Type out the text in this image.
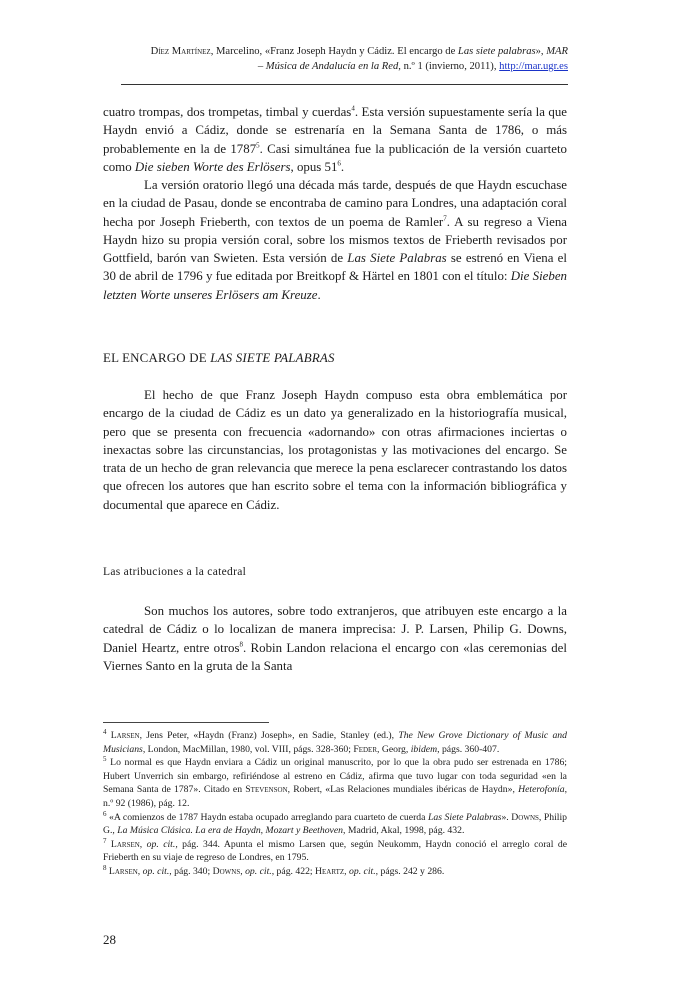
Díez Martínez, Marcelino, «Franz Joseph Haydn y Cádiz. El encargo de Las siete palabras», MAR
– Música de Andalucía en la Red, n.º 1 (invierno, 2011), http://mar.ugr.es

cuatro trompas, dos trompetas, timbal y cuerdas$^4$. Esta versión supuestamente sería la que Haydn envió a Cádiz, donde se estrenaría en la Semana Santa de 1786, o más probablemente en la de 1787$^5$. Casi simultánea fue la publicación de la versión cuarteto como Die sieben Worte des Erlösers, opus $51^6$.

La versión oratorio llegó una década más tarde, después de que Haydn escuchase en la ciudad de Pasau, donde se encontraba de camino para Londres, una adaptación coral hecha por Joseph Frieberth, con textos de un poema de Ramler$^7$. A su regreso a Viena Haydn hizo su propia versión coral, sobre los mismos textos de Frieberth revisados por Gottfield, barón van Swieten. Esta versión de Las Siete Palabras se estrenó en Viena el 30 de abril de 1796 y fue editada por Breitkopf & Härtel en 1801 con el título: Die Sieben letzten Worte unseres Erlösers am Kreuze.

EL ENCARGO DE LAS SIETE PALABRAS

El hecho de que Franz Joseph Haydn compuso esta obra emblemática por encargo de la ciudad de Cádiz es un dato ya generalizado en la historiografía musical, pero que se presenta con frecuencia «adornando» con otras afirmaciones inciertas o inexactas sobre las circunstancias, los protagonistas y las motivaciones del encargo. Se trata de un hecho de gran relevancia que merece la pena esclarecer contrastando los datos que ofrecen los autores que han escrito sobre el tema con la información bibliográfica y documental que aparece en Cádiz.

Las atribuciones a la catedral

Son muchos los autores, sobre todo extranjeros, que atribuyen este encargo a la catedral de Cádiz o lo localizan de manera imprecisa: J. P. Larsen, Philip G. Downs, Daniel Heartz, entre otros$^8$. Robin Landon relaciona el encargo con «las ceremonias del Viernes Santo en la gruta de la Santa

$^4$ Larsen, Jens Peter, «Haydn (Franz) Joseph», en Sadie, Stanley (ed.), The New Grove Dictionary of Music and Musicians, London, MacMillan, 1980, vol. VIII, págs. 328-360; Feder, Georg, ibidem, págs. 360-407.

$^5$ Lo normal es que Haydn enviara a Cádiz un original manuscrito, por lo que la obra pudo ser estrenada en 1786; Hubert Unverrich sin embargo, refiriéndose al estreno en Cádiz, afirma que tuvo lugar con toda seguridad «en la Semana Santa de 1787». Citado en Stevenson, Robert, «Las Relaciones mundiales ibéricas de Haydn», Heterofonía, n.º 92 (1986), pág. 12.

$^6$ «A comienzos de 1787 Haydn estaba ocupado arreglando para cuarteto de cuerda Las Siete Palabras». Downs, Philip G., La Música Clásica. La era de Haydn, Mozart y Beethoven, Madrid, Akal, 1998, pág. 432.

$^7$ Larsen, op. cit., pág. 344. Apunta el mismo Larsen que, según Neukomm, Haydn conoció el arreglo coral de Frieberth en su viaje de regreso de Londres, en 1795.

$^8$ Larsen, op. cit., pág. 340; Downs, op. cit., pág. 422; Heartz, op. cit., págs. 242 y 286.

28
